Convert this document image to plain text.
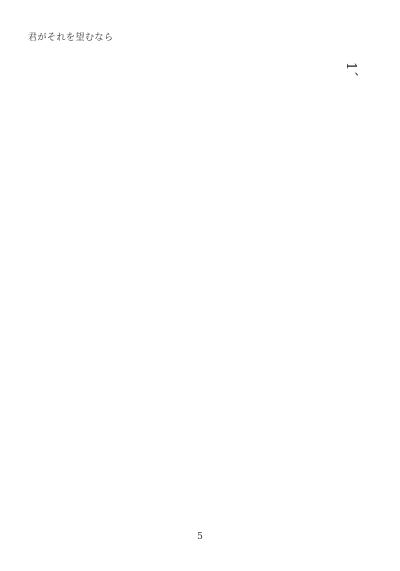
君がそれを望むなら
1、

5
